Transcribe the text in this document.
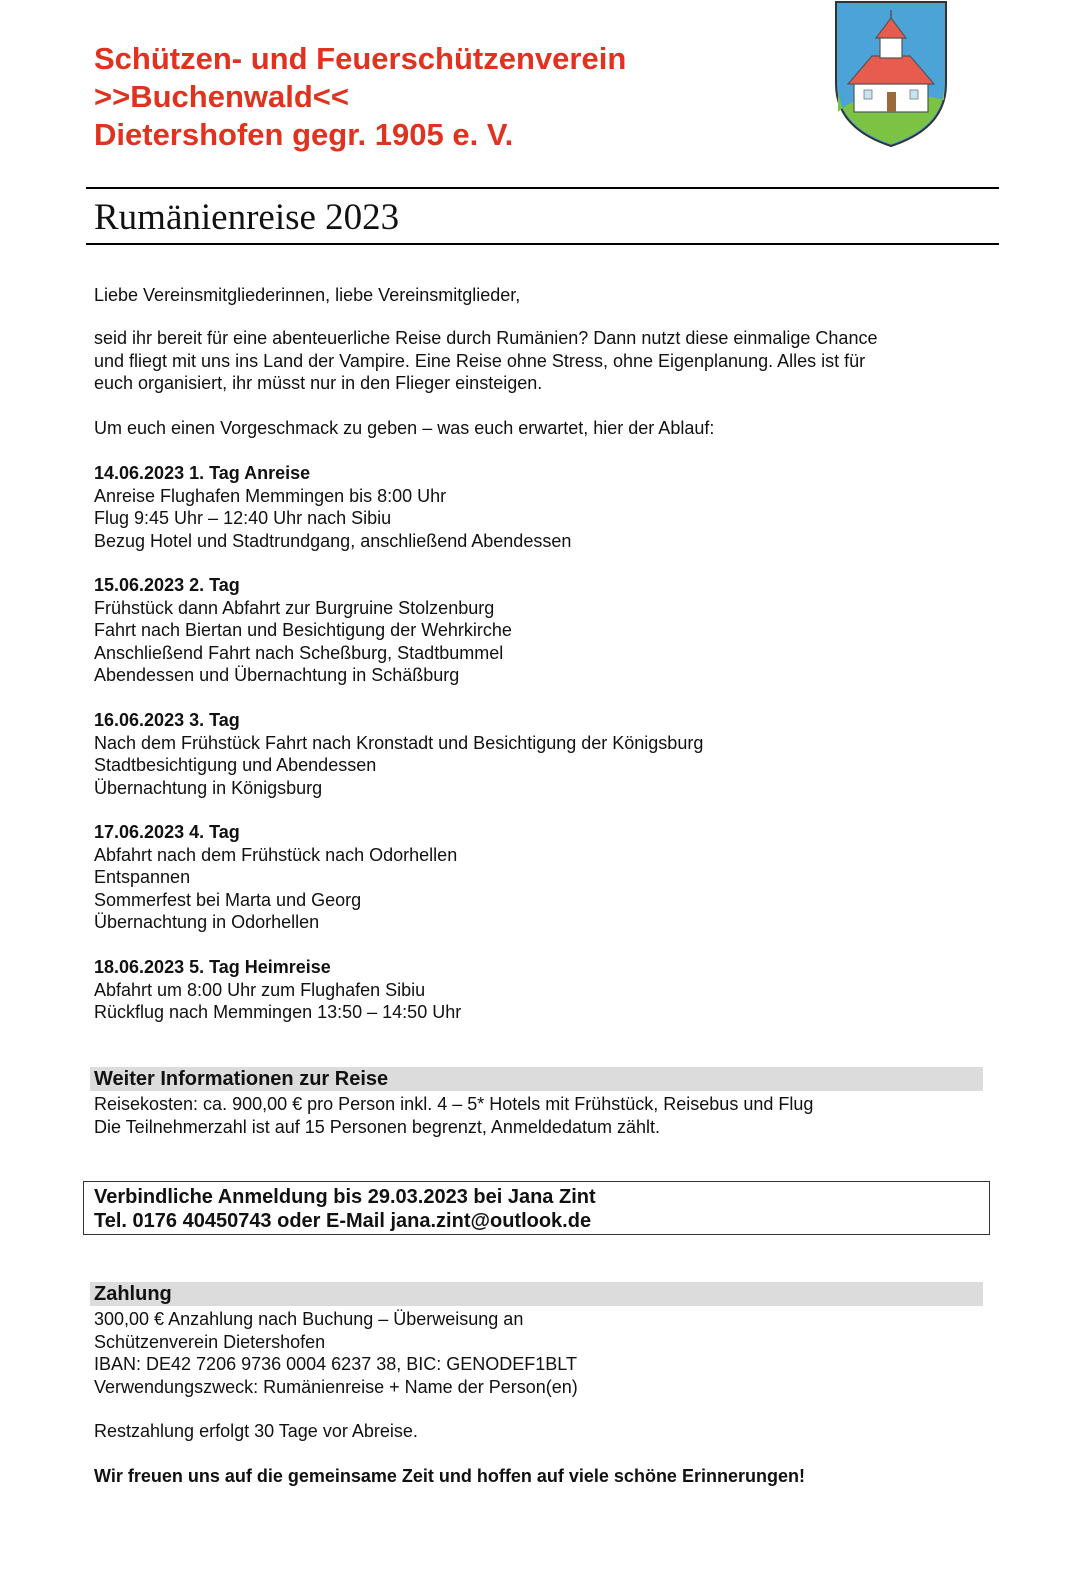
Schützen- und Feuerschützenverein
>>Buchenwald<<
Dietershofen gegr. 1905 e. V.
Rumänienreise 2023
Liebe Vereinsmitgliederinnen, liebe Vereinsmitglieder,
seid ihr bereit für eine abenteuerliche Reise durch Rumänien? Dann nutzt diese einmalige Chance
und fliegt mit uns ins Land der Vampire. Eine Reise ohne Stress, ohne Eigenplanung. Alles ist für
euch organisiert, ihr müsst nur in den Flieger einsteigen.
Um euch einen Vorgeschmack zu geben – was euch erwartet, hier der Ablauf:
14.06.2023 1. Tag Anreise
Anreise Flughafen Memmingen bis 8:00 Uhr
Flug 9:45 Uhr – 12:40 Uhr nach Sibiu
Bezug Hotel und Stadtrundgang, anschließend Abendessen
15.06.2023 2. Tag
Frühstück dann Abfahrt zur Burgruine Stolzenburg
Fahrt nach Biertan und Besichtigung der Wehrkirche
Anschließend Fahrt nach Scheßburg, Stadtbummel
Abendessen und Übernachtung in Schäßburg
16.06.2023 3. Tag
Nach dem Frühstück Fahrt nach Kronstadt und Besichtigung der Königsburg
Stadtbesichtigung und Abendessen
Übernachtung in Königsburg
17.06.2023 4. Tag
Abfahrt nach dem Frühstück nach Odorhellen
Entspannen
Sommerfest bei Marta und Georg
Übernachtung in Odorhellen
18.06.2023 5. Tag Heimreise
Abfahrt um 8:00 Uhr zum Flughafen Sibiu
Rückflug nach Memmingen 13:50 – 14:50 Uhr
Weiter Informationen zur Reise
Reisekosten: ca. 900,00 € pro Person inkl. 4 – 5* Hotels mit Frühstück, Reisebus und Flug
Die Teilnehmerzahl ist auf 15 Personen begrenzt, Anmeldedatum zählt.
Verbindliche Anmeldung bis 29.03.2023 bei Jana Zint
Tel. 0176 40450743 oder E-Mail jana.zint@outlook.de
Zahlung
300,00 € Anzahlung nach Buchung – Überweisung an
Schützenverein Dietershofen
IBAN: DE42 7206 9736 0004 6237 38, BIC: GENODEF1BLT
Verwendungszweck: Rumänienreise + Name der Person(en)
Restzahlung erfolgt 30 Tage vor Abreise.
Wir freuen uns auf die gemeinsame Zeit und hoffen auf viele schöne Erinnerungen!
